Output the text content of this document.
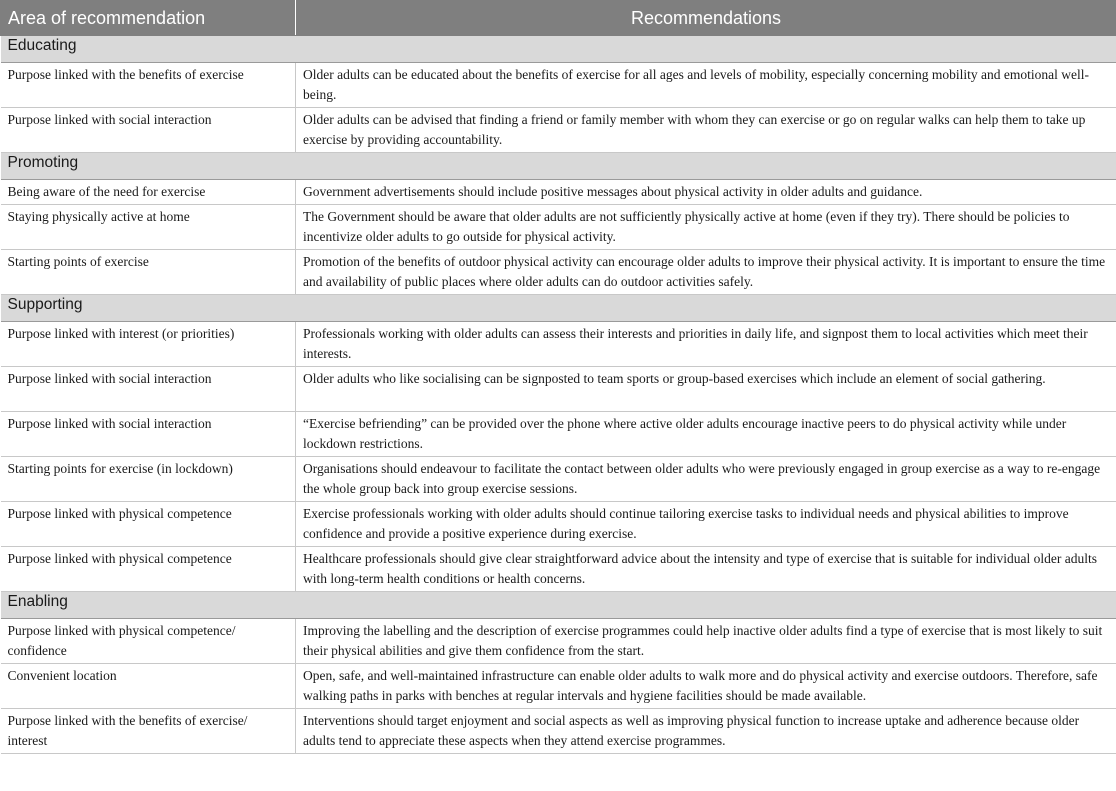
Area of recommendation	Recommendations
Educating	
Purpose linked with the benefits of exercise	Older adults can be educated about the benefits of exercise for all ages and levels of mobility, especially concerning mobility and emotional well-being.
Purpose linked with social interaction	Older adults can be advised that finding a friend or family member with whom they can exercise or go on regular walks can help them to take up exercise by providing accountability.
Promoting	
Being aware of the need for exercise	Government advertisements should include positive messages about physical activity in older adults and guidance.
Staying physically active at home	The Government should be aware that older adults are not sufficiently physically active at home (even if they try). There should be policies to incentivize older adults to go outside for physical activity.
Starting points of exercise	Promotion of the benefits of outdoor physical activity can encourage older adults to improve their physical activity. It is important to ensure the time and availability of public places where older adults can do outdoor activities safely.
Supporting	
Purpose linked with interest (or priorities)	Professionals working with older adults can assess their interests and priorities in daily life, and signpost them to local activities which meet their interests.
Purpose linked with social interaction	Older adults who like socialising can be signposted to team sports or group-based exercises which include an element of social gathering.
Purpose linked with social interaction	“Exercise befriending” can be provided over the phone where active older adults encourage inactive peers to do physical activity while under lockdown restrictions.
Starting points for exercise (in lockdown)	Organisations should endeavour to facilitate the contact between older adults who were previously engaged in group exercise as a way to re-engage the whole group back into group exercise sessions.
Purpose linked with physical competence	Exercise professionals working with older adults should continue tailoring exercise tasks to individual needs and physical abilities to improve confidence and provide a positive experience during exercise.
Purpose linked with physical competence	Healthcare professionals should give clear straightforward advice about the intensity and type of exercise that is suitable for individual older adults with long-term health conditions or health concerns.
Enabling	
Purpose linked with physical competence/ confidence	Improving the labelling and the description of exercise programmes could help inactive older adults find a type of exercise that is most likely to suit their physical abilities and give them confidence from the start.
Convenient location	Open, safe, and well-maintained infrastructure can enable older adults to walk more and do physical activity and exercise outdoors. Therefore, safe walking paths in parks with benches at regular intervals and hygiene facilities should be made available.
Purpose linked with the benefits of exercise/ interest	Interventions should target enjoyment and social aspects as well as improving physical function to increase uptake and adherence because older adults tend to appreciate these aspects when they attend exercise programmes.
